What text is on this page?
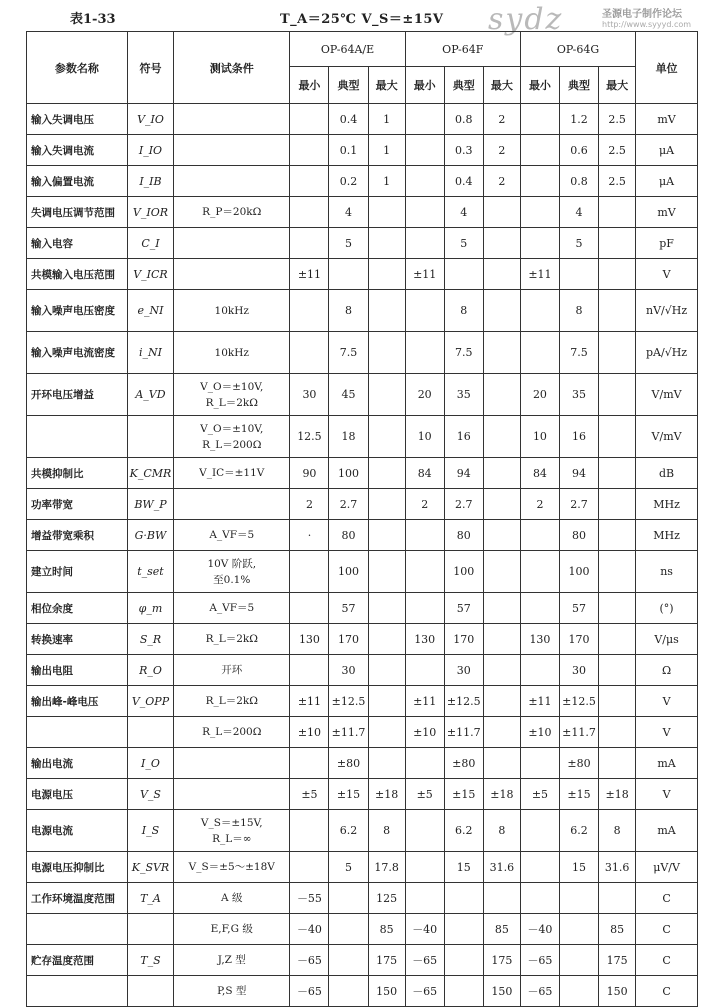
表1-33	T_A＝25℃ V_S＝±15V sydz	圣源电子制作论坛
http://www.syyyd.com
参数名称	符号	测试条件	OP-64A/E			OP-64F			OP-64G			单位
			最小	典型	最大	最小	典型	最大	最小	典型	最大	
输入失调电压	V_IO			0.4	1		0.8	2		1.2	2.5	mV
输入失调电流	I_IO			0.1	1		0.3	2		0.6	2.5	μA
输入偏置电流	I_IB			0.2	1		0.4	2		0.8	2.5	μA
失调电压调节范围	V_IOR	R_P＝20kΩ		4			4			4		mV
输入电容	C_I			5			5			5		pF
共模输入电压范围	V_ICR		±11			±11			±11			V
输入噪声电压密度	e_NI	10kHz		8			8			8		nV/√Hz
输入噪声电流密度	i_NI	10kHz		7.5			7.5			7.5		pA/√Hz
开环电压增益	A_VD	V_O＝±10V,
R_L＝2kΩ	30	45		20	35		20	35		V/mV

		V_O＝±10V,
R_L＝200Ω	12.5	18		10	16		10	16		V/mV
共模抑制比	K_CMR	V_IC＝±11V	90	100		84	94		84	94		dB
功率带宽	BW_P		2	2.7		2	2.7		2	2.7		MHz
增益带宽乘积	G·BW	A_VF＝5	·	80			80			80		MHz
建立时间	t_set	10V 阶跃,
至0.1%		100			100			100		ns
相位余度	φ_m	A_VF＝5		57			57			57		(°)
转换速率	S_R	R_L＝2kΩ	130	170		130	170		130	170		V/μs
输出电阻	R_O	开环		30			30			30		Ω
输出峰-峰电压	V_OPP	R_L＝2kΩ	±11	±12.5		±11	±12.5		±11	±12.5		V
		R_L＝200Ω	±10	±11.7		±10	±11.7		±10	±11.7		V
输出电流	I_O			±80			±80			±80		mA
电源电压	V_S		±5	±15	±18	±5	±15	±18	±5	±15	±18	V
电源电流	I_S	V_S＝±15V,
R_L＝∞		6.2	8		6.2	8		6.2	8	mA
电源电压抑制比	K_SVR	V_S＝±5～±18V		5	17.8		15	31.6		15	31.6	μV/V
工作环境温度范围	T_A	A 级	－55		125							C
		E,F,G 级	－40		85	－40		85	－40		85	C
贮存温度范围	T_S	J,Z 型	－65		175	－65		175	－65		175	C
		P,S 型	－65		150	－65		150	－65		150	C
